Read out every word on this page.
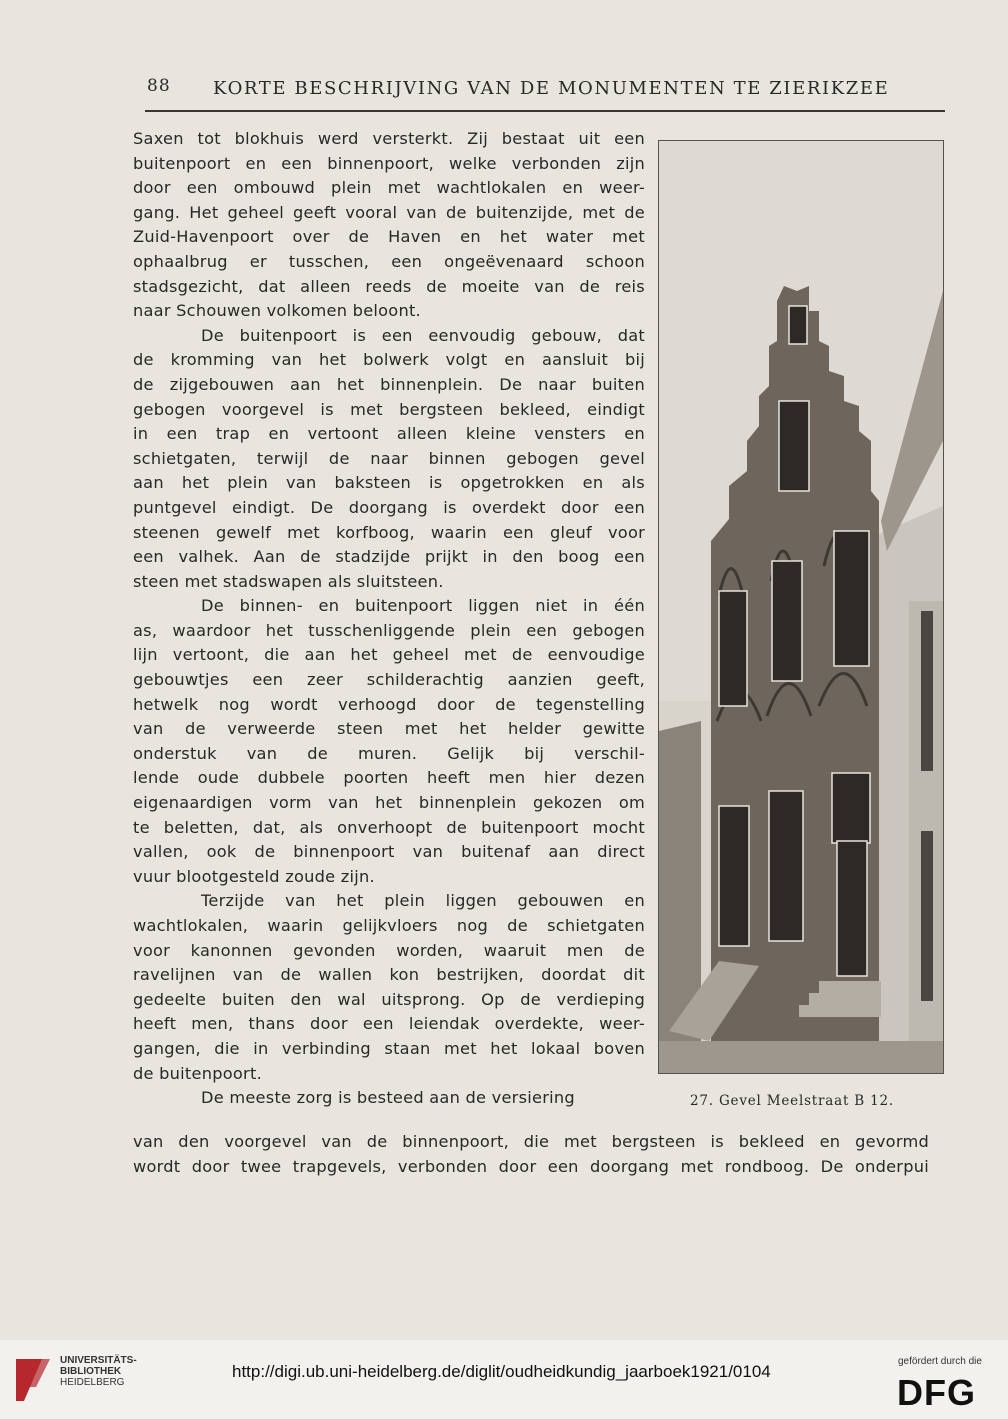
88 KORTE BESCHRIJVING VAN DE MONUMENTEN TE ZIERIKZEE
Saxen tot blokhuis werd versterkt. Zij bestaat uit een
buitenpoort en een binnenpoort, welke verbonden zijn
door een ombouwd plein met wachtlokalen en weer-
gang. Het geheel geeft vooral van de buitenzijde, met de
Zuid-Havenpoort over de Haven en het water met
ophaalbrug er tusschen, een ongeëvenaard schoon
stadsgezicht, dat alleen reeds de moeite van de reis
naar Schouwen volkomen beloont.
De buitenpoort is een eenvoudig gebouw, dat
de kromming van het bolwerk volgt en aansluit bij
de zijgebouwen aan het binnenplein. De naar buiten
gebogen voorgevel is met bergsteen bekleed, eindigt
in een trap en vertoont alleen kleine vensters en
schietgaten, terwijl de naar binnen gebogen gevel
aan het plein van baksteen is opgetrokken en als
puntgevel eindigt. De doorgang is overdekt door een
steenen gewelf met korfboog, waarin een gleuf voor
een valhek. Aan de stadzijde prijkt in den boog een
steen met stadswapen als sluitsteen.
De binnen- en buitenpoort liggen niet in één
as, waardoor het tusschenliggende plein een gebogen
lijn vertoont, die aan het geheel met de eenvoudige
gebouwtjes een zeer schilderachtig aanzien geeft,
hetwelk nog wordt verhoogd door de tegenstelling
van de verweerde steen met het helder gewitte
onderstuk van de muren. Gelijk bij verschil-
lende oude dubbele poorten heeft men hier dezen
eigenaardigen vorm van het binnenplein gekozen om
te beletten, dat, als onverhoopt de buitenpoort mocht
vallen, ook de binnenpoort van buitenaf aan direct
vuur blootgesteld zoude zijn.
Terzijde van het plein liggen gebouwen en
wachtlokalen, waarin gelijkvloers nog de schietgaten
voor kanonnen gevonden worden, waaruit men de
ravelijnen van de wallen kon bestrijken, doordat dit
gedeelte buiten den wal uitsprong. Op de verdieping
heeft men, thans door een leiendak overdekte, weer-
gangen, die in verbinding staan met het lokaal boven
de buitenpoort.
De meeste zorg is besteed aan de versiering	27. Gevel Meelstraat B 12.
van den voorgevel van de binnenpoort, die met bergsteen is bekleed en gevormd
wordt door twee trapgevels, verbonden door een doorgang met rondboog. De onderpui
UNIVERSITÄTS-
BIBLIOTHEK
HEIDELBERG
http://digi.ub.uni-heidelberg.de/diglit/oudheidkundig_jaarboek1921/0104
gefördert durch die
DFG
